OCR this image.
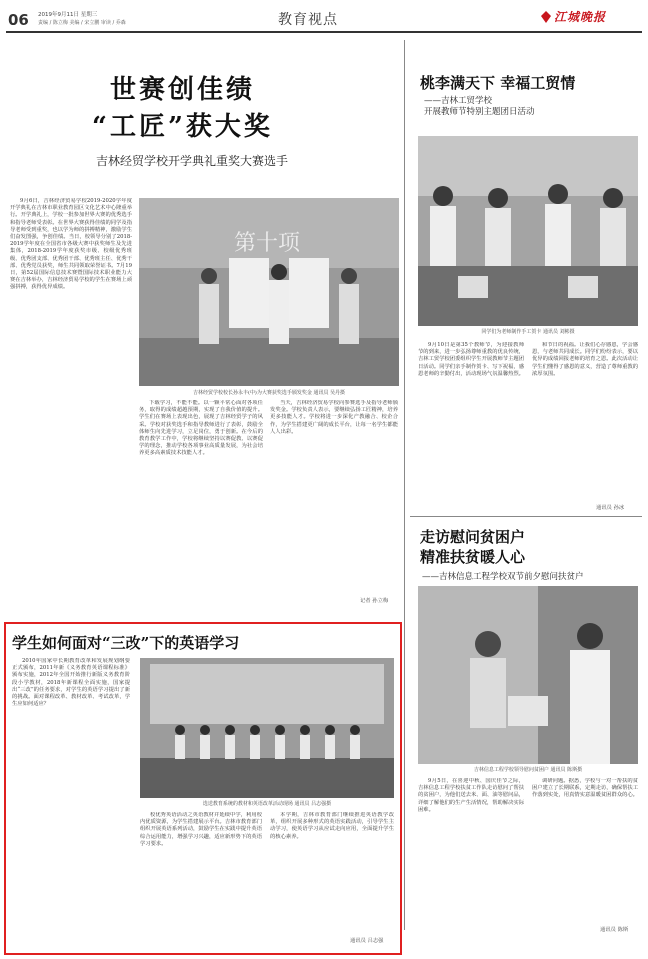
06 2019年9月11日 星期三
责编 / 陈立梅 美编 / 宋立鹏 审读 / 乔森	教育视点	江城晚报
世赛创佳绩
“工匠”获大奖
吉林经贸学校开学典礼重奖大赛选手

9月6日，吉林经济贸易学校2019-2020学年度开学典礼在吉林市职业教育园区文化艺术中心隆重举行。开学典礼上，学校一批参加世界大赛的优秀选手和指导老师受表彰。在世界大赛获得佳绩的同学及指导老师受到重奖，也以学为师的拼搏精神，激励学生们奋发图强，争创佳绩。当日，校领导分别了2018-2019学年度在全国省市各级大赛中获奖师生及先进集体，2018-2019学年度获奖市级、校级优秀班级、优秀团支部、优秀团干部、优秀班主任、优秀干部、优秀党员获奖，师生共同领取荣誉证书。7月19日，第52届国际信息技术赛暨国际技术职业能力大赛在吉林举办，吉林经济贸易学校的学生在赛场上顽强拼搏，获得优异成绩。

第十项
吉林经贸学校校长孙永丰(中)为大赛获奖选手颁发奖金 通讯员 吴丹摄

下载学习，不能不能。以一颗平常心面对各项任务，取得的成绩超越预期，实现了自我价值的提升。学生们在赛场上表现出色，展现了吉林经贸学子的风采。学校对获奖选手和指导教师进行了表彰，鼓励全体师生向先进学习，立足岗位，勇于创新。在今后的教育教学工作中，学校将继续坚持以赛促教、以赛促学的理念，推动学校各项事业高质量发展，为社会培养更多高素质技术技能人才。

当天，吉林经济贸易学校向参赛选手及指导老师颁发奖金。学校负责人表示，要继续弘扬工匠精神，培养更多技能人才。学校将进一步深化产教融合、校企合作，为学生搭建更广阔的成长平台，让每一名学生都能人人出彩。

记者 孙立梅
桃李满天下 幸福工贸情
——吉林工贸学校
开展教师节特别主题团日活动
同学们为老师制作手工贺卡 通讯员 刘彬摄

9月10日是第35个教师节，为迎接教师节的到来，进一步弘扬尊师重教的优良传统，吉林工贸学校团委组织学生开展教师节主题团日活动。同学们亲手制作贺卡、写下祝福，感恩老师的辛勤付出，活动现场气氛温馨热烈。

和节日的祝福。让我们心存感恩，学会感恩，与老师共同成长。同学们纷纷表示，要以优异的成绩回报老师的培育之恩。此次活动让学生们懂得了感恩的意义，营造了尊师重教的浓厚氛围。

通讯员 孙冰
走访慰问贫困户
精准扶贫暖人心
——吉林信息工程学校双节前夕慰问扶贫户
吉林信息工程学校领导慰问贫困户 通讯员 陈斯摄

9月5日，在喜迎中秋、国庆佳节之际，吉林信息工程学校扶贫工作队走访慰问了帮扶的贫困户，为他们送去米、面、油等慰问品，详细了解他们的生产生活情况，帮助解决实际困难。

调研问题。据悉，学校与一对一帮扶的贫困户建立了长期联系，定期走访，确保帮扶工作落到实处，用真情实意温暖贫困群众的心。

通讯员 陈斯
学生如何面对“三改”下的英语学习

2010年国家中长期教育改革和发展规划纲要正式颁布，2011年新《义务教育英语课程标准》颁布实施，2012年全国开始推行新版义务教育阶段小学教材，2018年新课程全面实施，国家提出“三改”的任务要求，对学生的英语学习提出了新的挑战。面对课程改革、教材改革、考试改革，学生应如何适应？

选送教育系统的教材和英语改革活动现场 通讯员 吕志强摄

校优秀英语活动之英语教材并延续中学，利用校内优质资源，为学生搭建展示平台。吉林市教育部门组织开展英语系列活动，鼓励学生在实践中提升英语综合运用能力，增强学习兴趣，适应新形势下的英语学习要求。

本学期，吉林市教育部门继续推进英语教学改革，组织开展多种形式的英语实践活动，引导学生主动学习，使英语学习从应试走向应用，全面提升学生的核心素养。

通讯员 吕志强
